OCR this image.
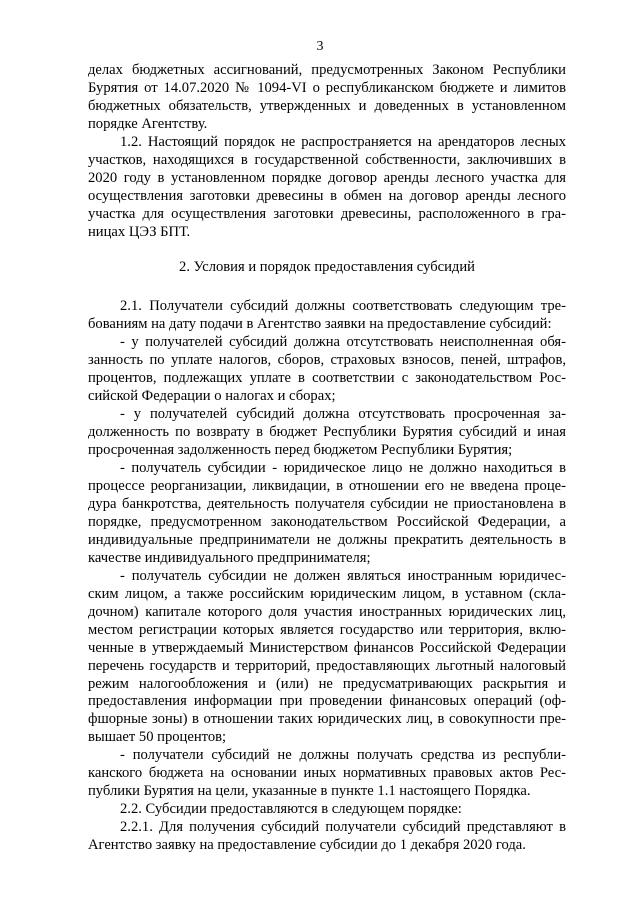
3
делах бюджетных ассигнований, предусмотренных Законом Республики
Бурятия от 14.07.2020 № 1094-VI о республиканском бюджете и лимитов
бюджетных обязательств, утвержденных и доведенных в установленном
порядке Агентству.
1.2. Настоящий порядок не распространяется на арендаторов лесных
участков, находящихся в государственной собственности, заключивших в
2020 году в установленном порядке договор аренды лесного участка для
осуществления заготовки древесины в обмен на договор аренды лесного
участка для осуществления заготовки древесины, расположенного в гра-
ницах ЦЭЗ БПТ.
2. Условия и порядок предоставления субсидий
2.1. Получатели субсидий должны соответствовать следующим тре-
бованиям на дату подачи в Агентство заявки на предоставление субсидий:
- у получателей субсидий должна отсутствовать неисполненная обя-
занность по уплате налогов, сборов, страховых взносов, пеней, штрафов,
процентов, подлежащих уплате в соответствии с законодательством Рос-
сийской Федерации о налогах и сборах;
- у получателей субсидий должна отсутствовать просроченная за-
долженность по возврату в бюджет Республики Бурятия субсидий и иная
просроченная задолженность перед бюджетом Республики Бурятия;
- получатель субсидии - юридическое лицо не должно находиться в
процессе реорганизации, ликвидации, в отношении его не введена проце-
дура банкротства, деятельность получателя субсидии не приостановлена в
порядке, предусмотренном законодательством Российской Федерации, а
индивидуальные предприниматели не должны прекратить деятельность в
качестве индивидуального предпринимателя;
- получатель субсидии не должен являться иностранным юридичес-
ским лицом, а также российским юридическим лицом, в уставном (скла-
дочном) капитале которого доля участия иностранных юридических лиц,
местом регистрации которых является государство или территория, вклю-
ченные в утверждаемый Министерством финансов Российской Федерации
перечень государств и территорий, предоставляющих льготный налоговый
режим налогообложения и (или) не предусматривающих раскрытия и
предоставления информации при проведении финансовых операций (оф-
фшорные зоны) в отношении таких юридических лиц, в совокупности пре-
вышает 50 процентов;
- получатели субсидий не должны получать средства из республи-
канского бюджета на основании иных нормативных правовых актов Рес-
публики Бурятия на цели, указанные в пункте 1.1 настоящего Порядка.
2.2. Субсидии предоставляются в следующем порядке:
2.2.1. Для получения субсидий получатели субсидий представляют в
Агентство заявку на предоставление субсидии до 1 декабря 2020 года.
